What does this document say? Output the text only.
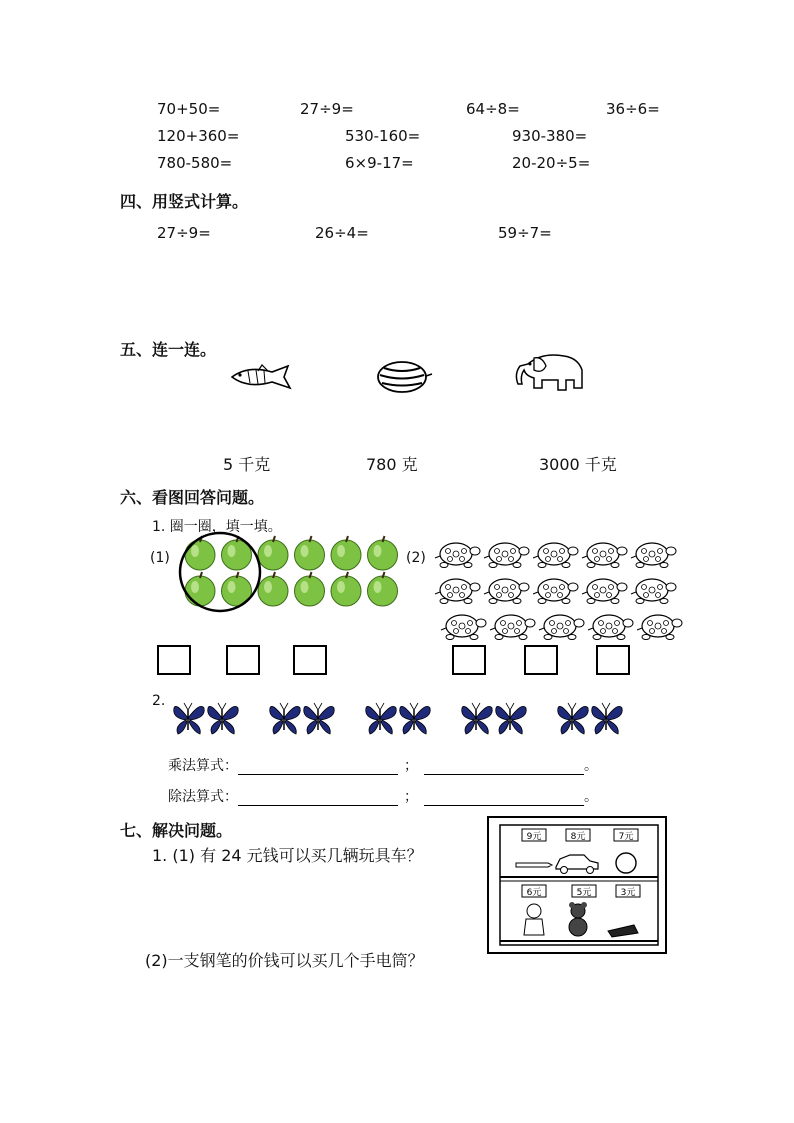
70+50=	27÷9=	64÷8=	36÷6=
120+360=	530-160=	930-380=
780-580=	6×9-17=	20-20÷5=
四、用竖式计算。
27÷9=	26÷4=	59÷7=
五、连一连。
5 千克	780 克	3000 千克
六、看图回答问题。
1. 圈一圈，填一填。
(1)	(2)
2.
乘法算式：	；	。
除法算式：	；	。
七、解决问题。
1. (1) 有 24 元钱可以买几辆玩具车？
(2)一支钢笔的价钱可以买几个手电筒？
9元	8元	7元
6元	5元	3元
